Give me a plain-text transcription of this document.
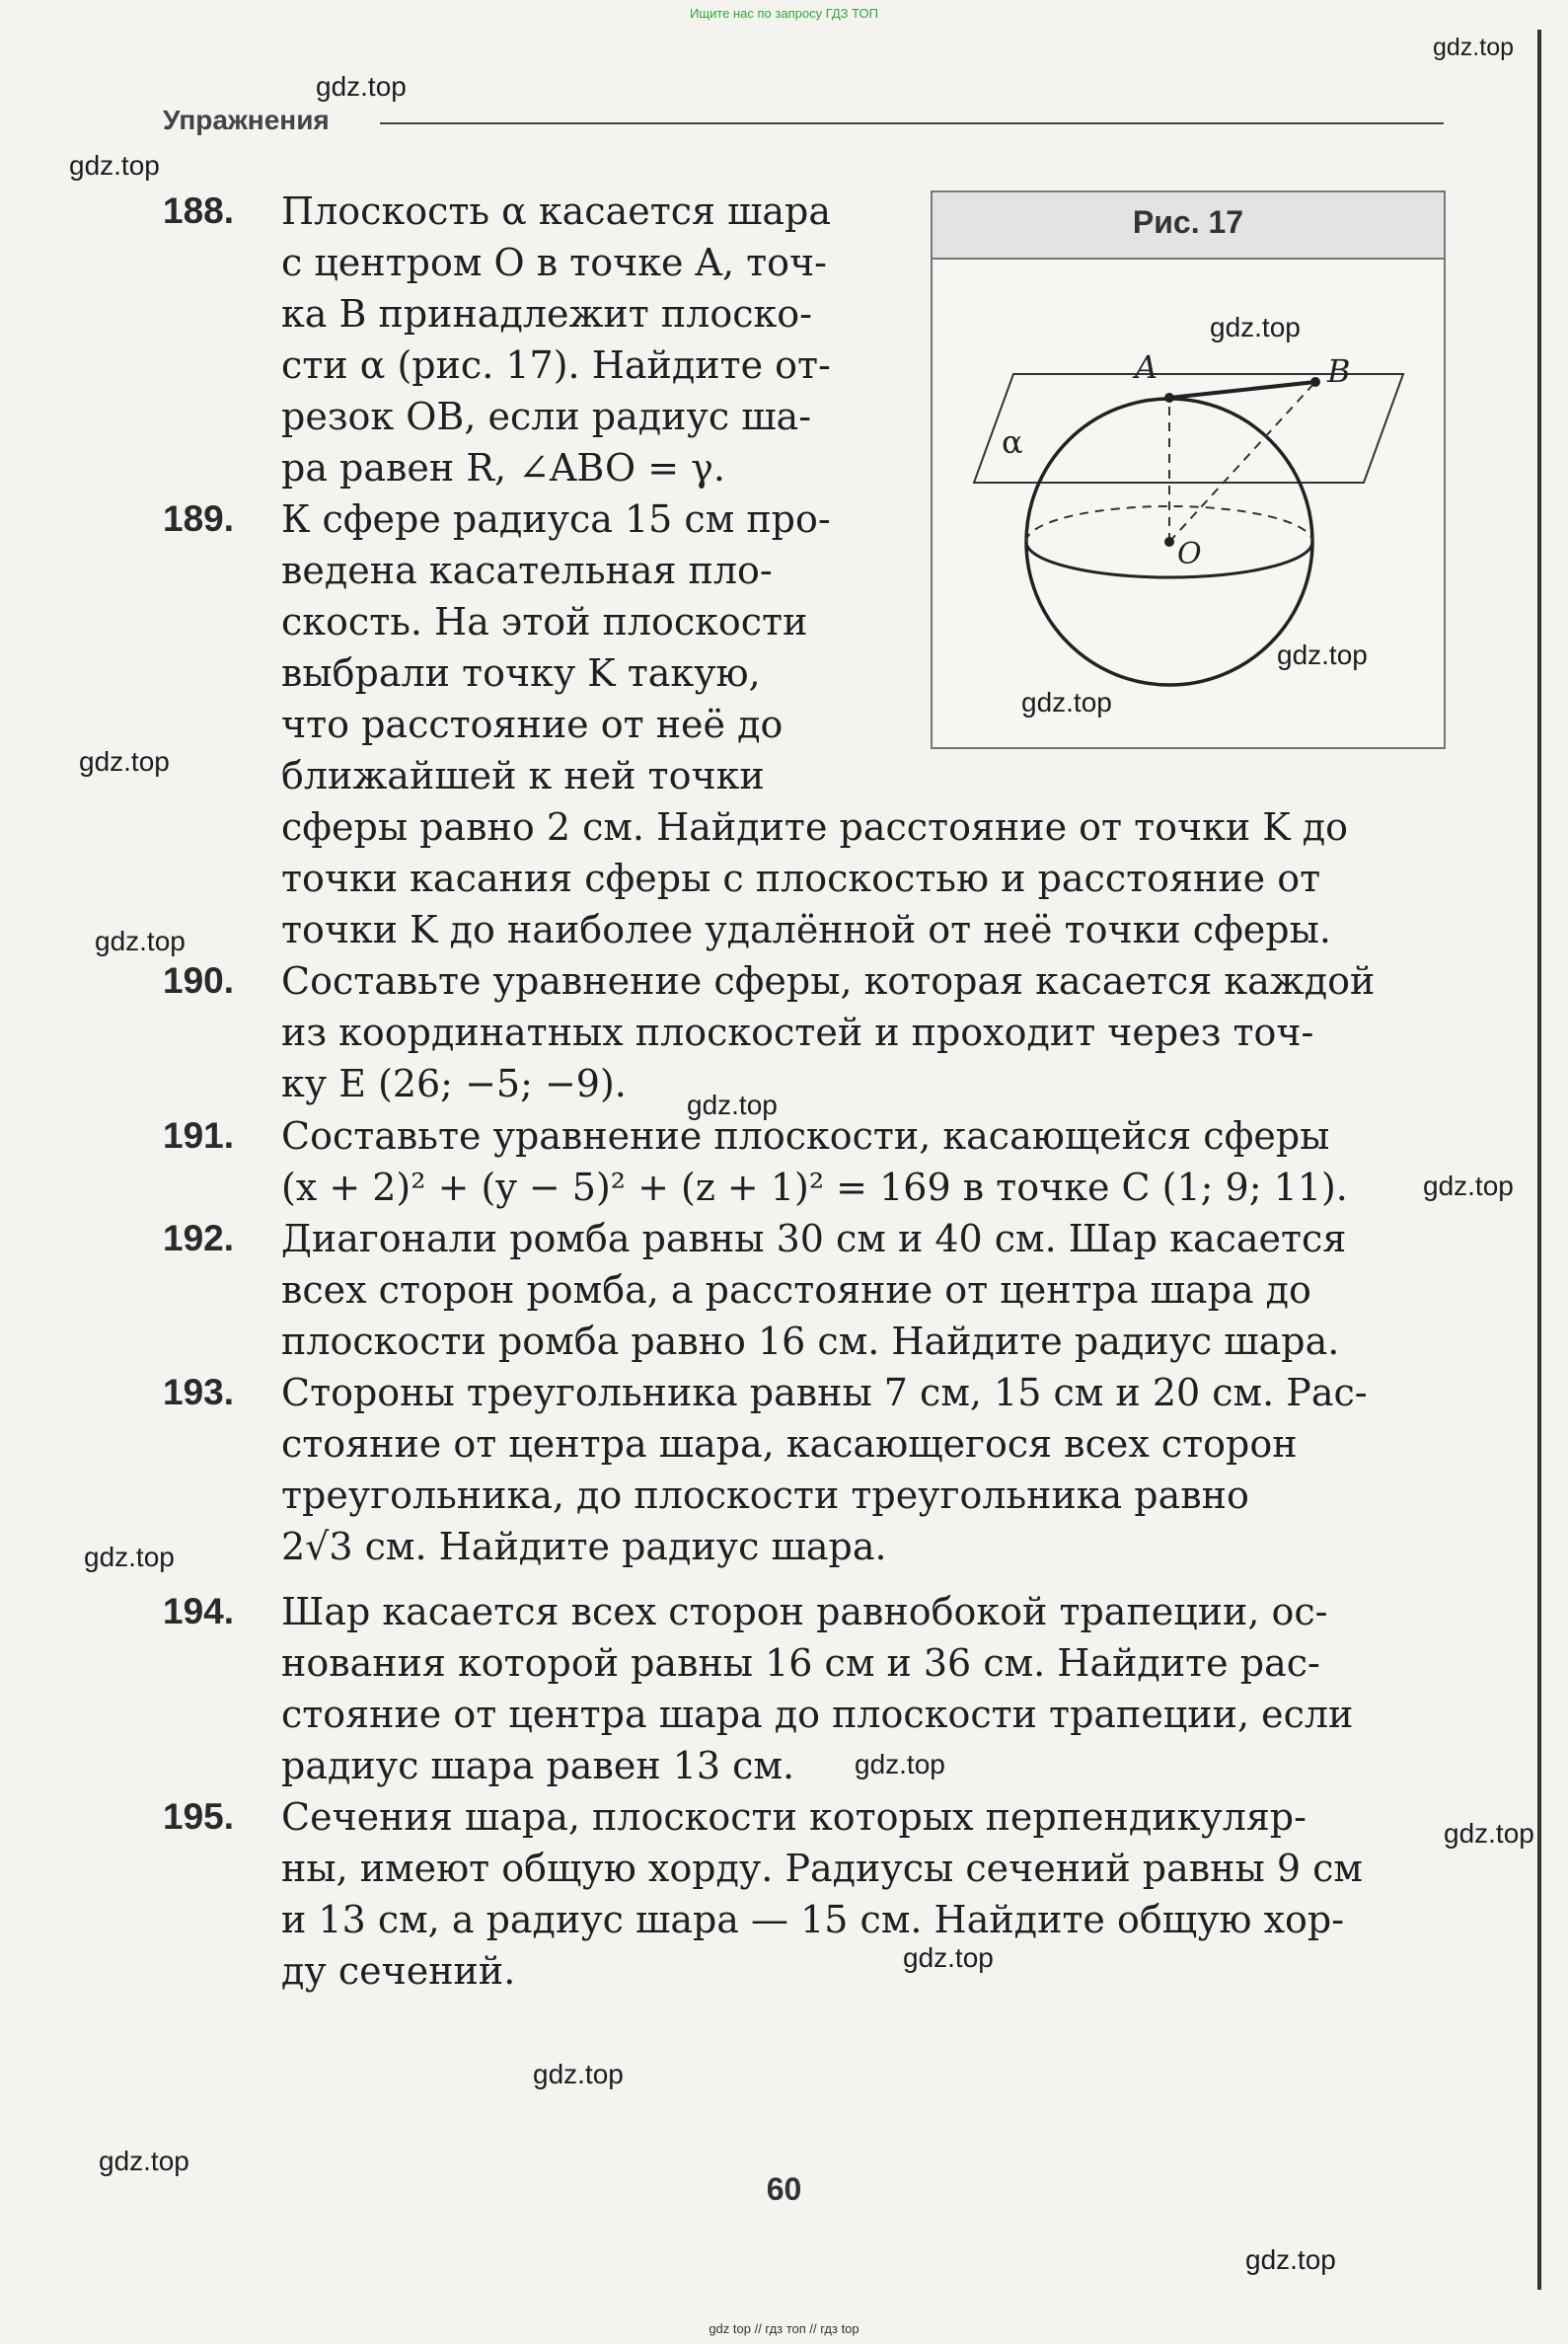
Ищите нас по запросу ГДЗ ТОП
Упражнения
188. Плоскость α касается шара

с центром O в точке A, точ-

ка B принадлежит плоско-

сти α (рис. 17). Найдите от-

резок OB, если радиус ша-

ра равен R, ∠ABO = γ.

189. К сфере радиуса 15 см про-

ведена касательная пло-

скость. На этой плоскости

выбрали точку K такую,

что расстояние от неё до

ближайшей к ней точки

сферы равно 2 см. Найдите расстояние от точки K до

точки касания сферы с плоскостью и расстояние от

точки K до наиболее удалённой от неё точки сферы.

190. Составьте уравнение сферы, которая касается каждой

из координатных плоскостей и проходит через точ-

ку E (26; −5; −9).

191. Составьте уравнение плоскости, касающейся сферы

(x + 2)² + (y − 5)² + (z + 1)² = 169 в точке C (1; 9; 11).

192. Диагонали ромба равны 30 см и 40 см. Шар касается

всех сторон ромба, а расстояние от центра шара до

плоскости ромба равно 16 см. Найдите радиус шара.

193. Стороны треугольника равны 7 см, 15 см и 20 см. Рас-

стояние от центра шара, касающегося всех сторон

треугольника, до плоскости треугольника равно

2√3 см. Найдите радиус шара.

194. Шар касается всех сторон равнобокой трапеции, ос-

нования которой равны 16 см и 36 см. Найдите рас-

стояние от центра шара до плоскости трапеции, если

радиус шара равен 13 см.

195. Сечения шара, плоскости которых перпендикуляр-

ны, имеют общую хорду. Радиусы сечений равны 9 см

и 13 см, а радиус шара — 15 см. Найдите общую хор-

ду сечений.

Рис. 17
A	B
O
α
60
gdz.top
gdz.top
gdz.top
gdz.top
gdz.top
gdz.top
gdz.top
gdz.top
gdz.top
gdz.top
gdz.top
gdz.top
gdz.top
gdz.top
gdz.top
gdz.top
gdz.top
gdz top // гдз топ // гдз top
